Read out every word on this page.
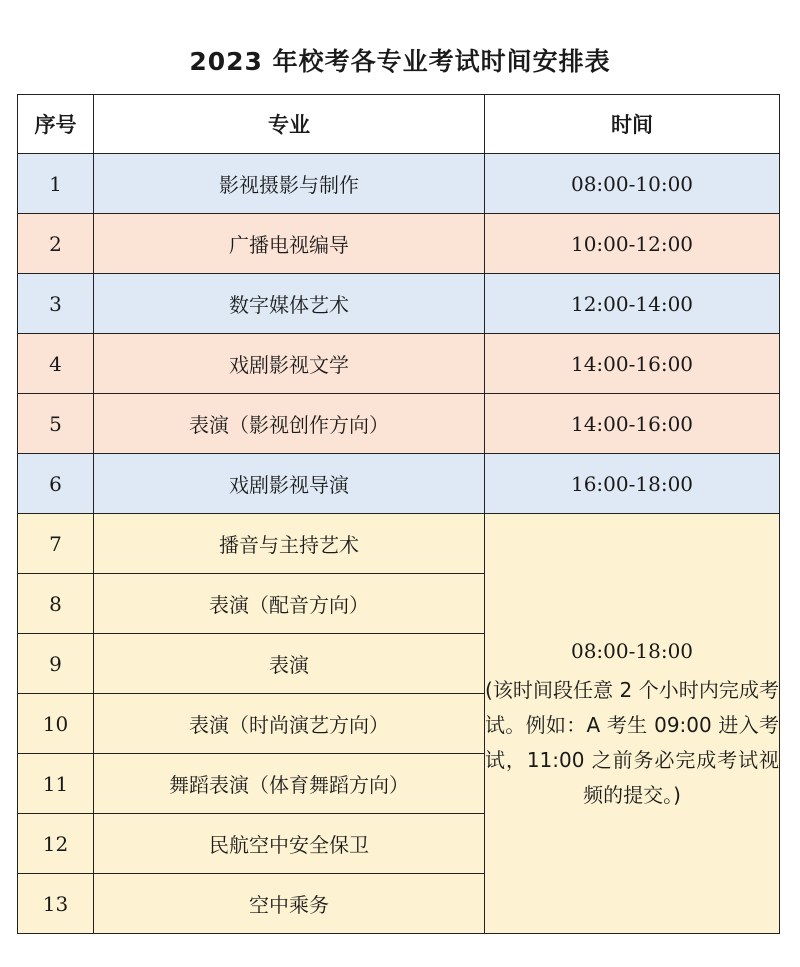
2023 年校考各专业考试时间安排表
序号	专业	时间
1	影视摄影与制作	08:00-10:00
2	广播电视编导	10:00-12:00
3	数字媒体艺术	12:00-14:00
4	戏剧影视文学	14:00-16:00
5	表演（影视创作方向）	14:00-16:00
6	戏剧影视导演	16:00-18:00
7	播音与主持艺术	08:00-18:00
(该时间段任意 2 个小时内完成考试。例如：A 考生 09:00 进入考试，11:00 之前务必完成考试视频的提交。)

8	表演（配音方向）	
9	表演	
10	表演（时尚演艺方向）	
11	舞蹈表演（体育舞蹈方向）	
12	民航空中安全保卫	
13	空中乘务	
